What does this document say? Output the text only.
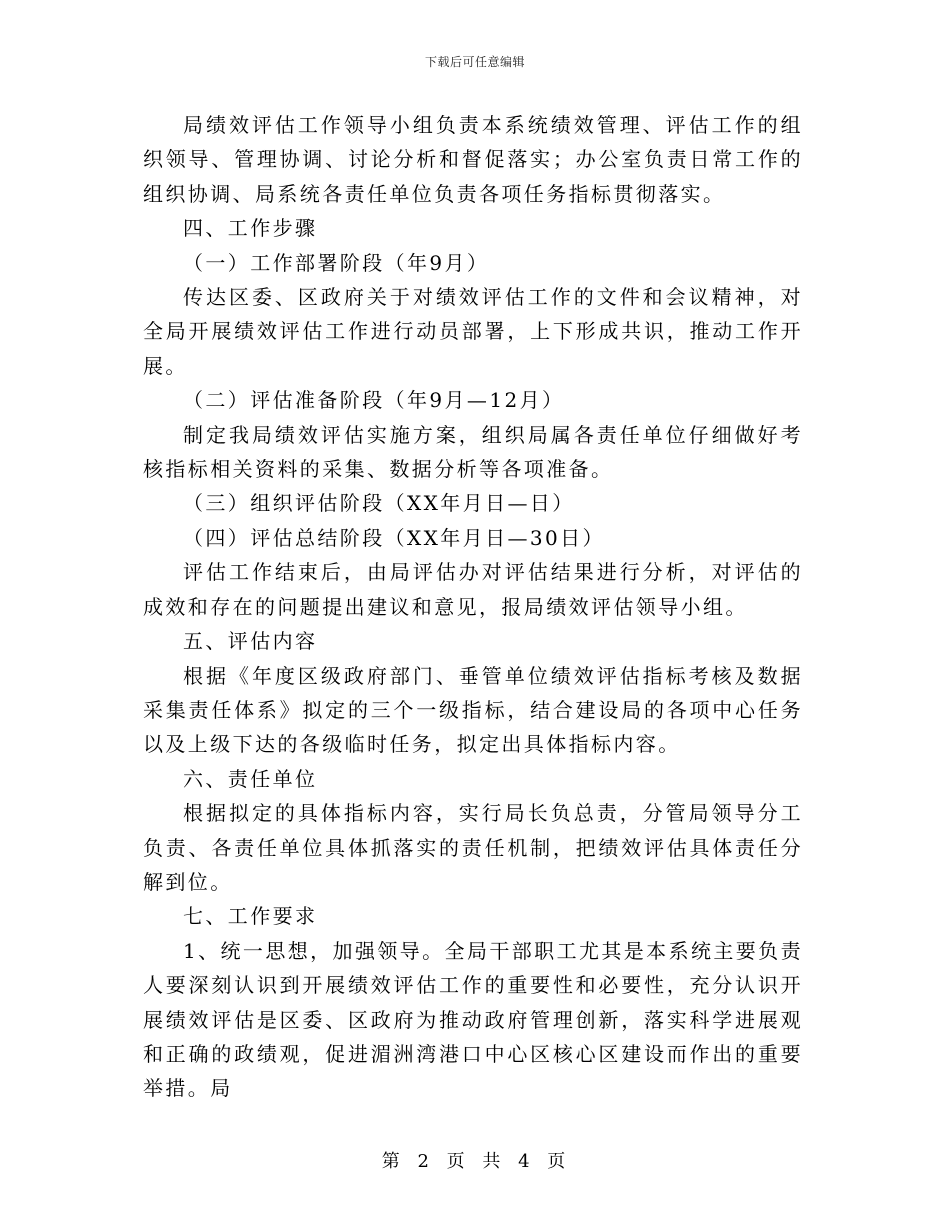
下载后可任意编辑

局绩效评估工作领导小组负责本系统绩效管理、评估工作的组织领导、管理协调、讨论分析和督促落实；办公室负责日常工作的组织协调、局系统各责任单位负责各项任务指标贯彻落实。

四、工作步骤

（一）工作部署阶段（年9月）

传达区委、区政府关于对绩效评估工作的文件和会议精神，对全局开展绩效评估工作进行动员部署，上下形成共识，推动工作开展。

（二）评估准备阶段（年9月—12月）

制定我局绩效评估实施方案，组织局属各责任单位仔细做好考核指标相关资料的采集、数据分析等各项准备。

（三）组织评估阶段（XX年月日—日）

（四）评估总结阶段（XX年月日—30日）

评估工作结束后，由局评估办对评估结果进行分析，对评估的成效和存在的问题提出建议和意见，报局绩效评估领导小组。

五、评估内容

根据《年度区级政府部门、垂管单位绩效评估指标考核及数据采集责任体系》拟定的三个一级指标，结合建设局的各项中心任务以及上级下达的各级临时任务，拟定出具体指标内容。

六、责任单位

根据拟定的具体指标内容，实行局长负总责，分管局领导分工负责、各责任单位具体抓落实的责任机制，把绩效评估具体责任分解到位。

七、工作要求

1、统一思想，加强领导。全局干部职工尤其是本系统主要负责人要深刻认识到开展绩效评估工作的重要性和必要性，充分认识开展绩效评估是区委、区政府为推动政府管理创新，落实科学进展观和正确的政绩观，促进湄洲湾港口中心区核心区建设而作出的重要举措。局

第 2 页 共 4 页
